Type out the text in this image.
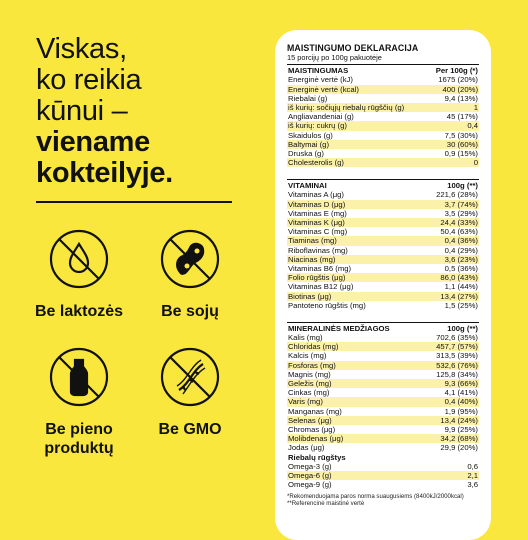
Viskas,
ko reikia
kūnui –
viename
kokteilyje.
Be laktozės	Be sojų
Be pieno produktų
Be GMO
MAISTINGUMO DEKLARACIJA
15 porcijų po 100g pakuotėje
MAISTINGUMAS	Per 100g (*)
Energinė vertė (kJ)	1675 (20%)
Energinė vertė (kcal)	400 (20%)
Riebalai (g)	9,4 (13%)
iš kurių: sočiųjų riebalų rūgščių (g)	1
Angliavandeniai (g)	45 (17%)
iš kurių: cukrų (g)	0,4
Skaidulos (g)	7,5 (30%)
Baltymai (g)	30 (60%)
Druska (g)	0,9 (15%)
Cholesterolis (g)	0
VITAMINAI	100g (**)
Vitaminas A (μg)	221,6 (28%)
Vitaminas D (μg)	3,7 (74%)
Vitaminas E (mg)	3,5 (29%)
Vitaminas K (μg)	24,4 (33%)
Vitaminas C (mg)	50,4 (63%)
Tiaminas (mg)	0,4 (36%)
Riboflavinas (mg)	0,4 (29%)
Niacinas (mg)	3,6 (23%)
Vitaminas B6 (mg)	0,5 (36%)
Folio rūgštis (μg)	86,0 (43%)
Vitaminas B12 (μg)	1,1 (44%)
Biotinas (μg)	13,4 (27%)
Pantoteno rūgštis (mg)	1,5 (25%)
MINERALINĖS MEDŽIAGOS	100g (**)
Kalis (mg)	702,6 (35%)
Chloridas (mg)	457,7 (57%)
Kalcis (mg)	313,5 (39%)
Fosforas (mg)	532,6 (76%)
Magnis (mg)	125,8 (34%)
Geležis (mg)	9,3 (66%)
Cinkas (mg)	4,1 (41%)
Varis (mg)	0,4 (40%)
Manganas (mg)	1,9 (95%)
Selenas (μg)	13,4 (24%)
Chromas (μg)	9,9 (25%)
Molibdenas (μg)	34,2 (68%)
Jodas (μg)	29,9 (20%)
Riebalų rūgštys
Omega-3 (g)	0,6
Omega-6 (g)	2,1
Omega-9 (g)	3,6
*Rekomenduojama paros norma suaugusiems (8400kJ/2000kcal)
**Referencinė maistinė vertė
